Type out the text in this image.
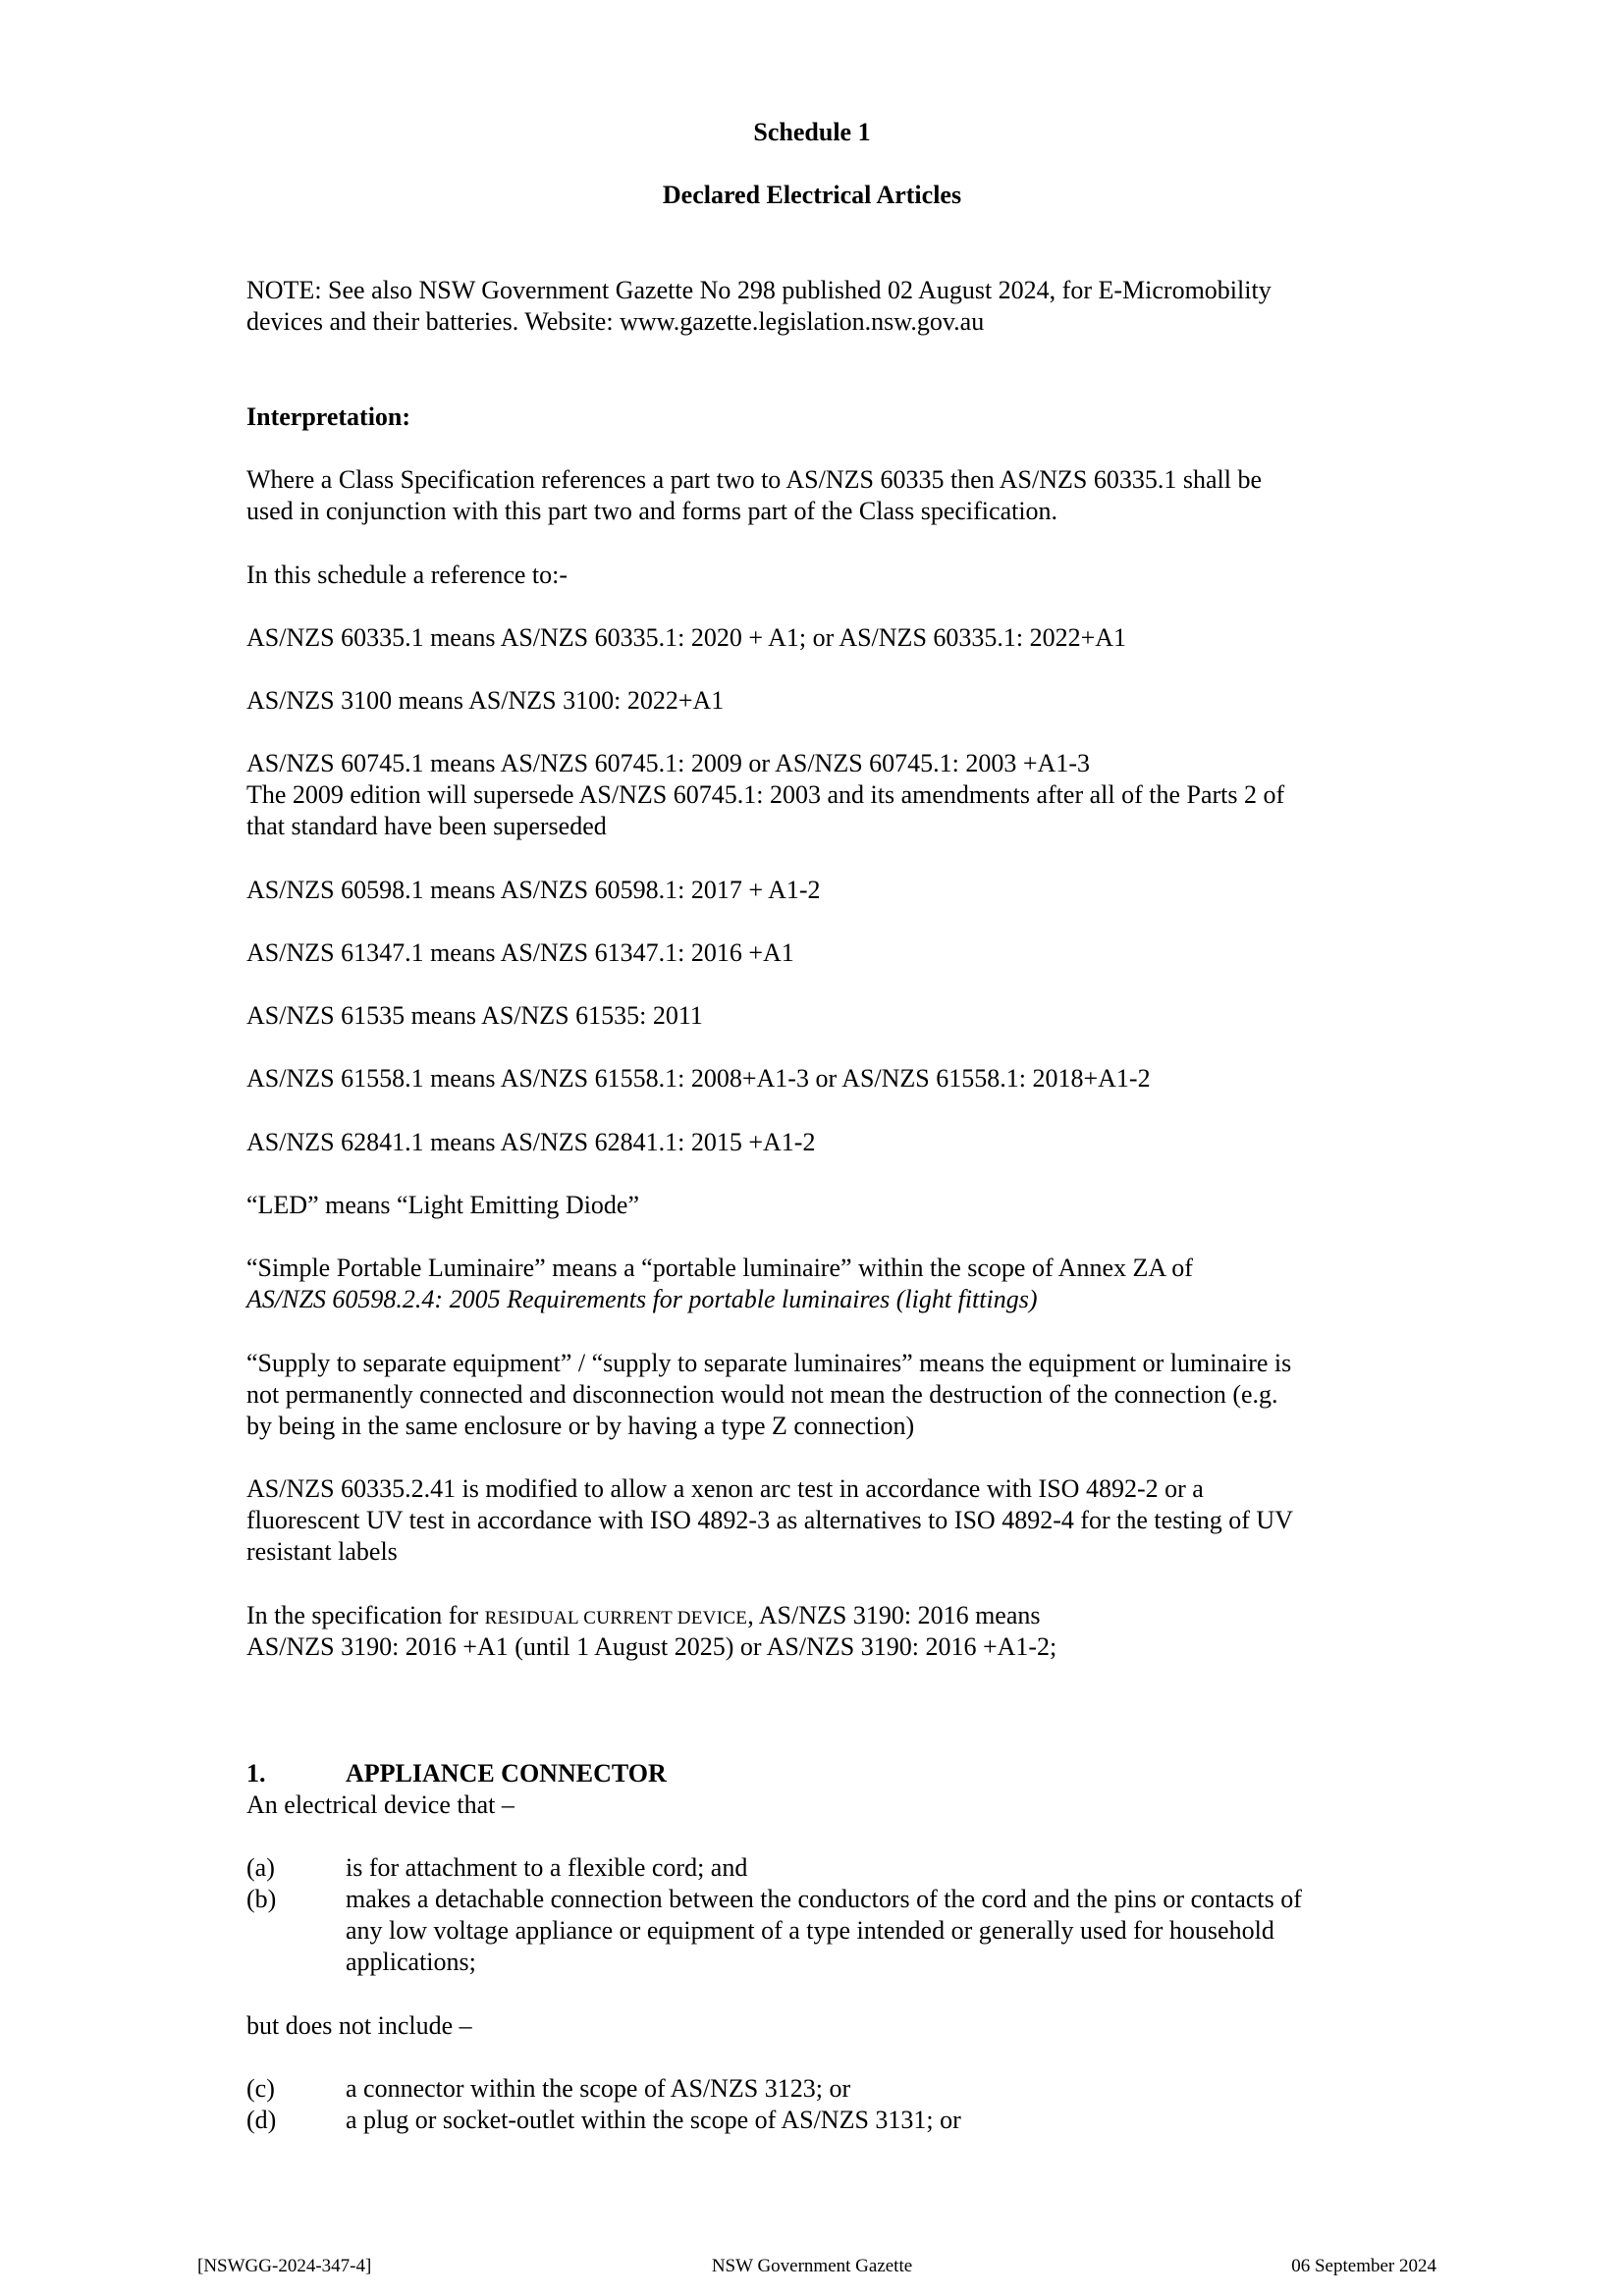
Schedule 1
Declared Electrical Articles
NOTE: See also NSW Government Gazette No 298 published 02 August 2024, for E-Micromobility
devices and their batteries. Website: www.gazette.legislation.nsw.gov.au
Interpretation:
Where a Class Specification references a part two to AS/NZS 60335 then AS/NZS 60335.1 shall be
used in conjunction with this part two and forms part of the Class specification.
In this schedule a reference to:-
AS/NZS 60335.1 means AS/NZS 60335.1: 2020 + A1; or AS/NZS 60335.1: 2022+A1
AS/NZS 3100 means AS/NZS 3100: 2022+A1
AS/NZS 60745.1 means AS/NZS 60745.1: 2009 or AS/NZS 60745.1: 2003 +A1-3
The 2009 edition will supersede AS/NZS 60745.1: 2003 and its amendments after all of the Parts 2 of
that standard have been superseded
AS/NZS 60598.1 means AS/NZS 60598.1: 2017 + A1-2
AS/NZS 61347.1 means AS/NZS 61347.1: 2016 +A1
AS/NZS 61535 means AS/NZS 61535: 2011
AS/NZS 61558.1 means AS/NZS 61558.1: 2008+A1-3 or AS/NZS 61558.1: 2018+A1-2
AS/NZS 62841.1 means AS/NZS 62841.1: 2015 +A1-2
“LED” means “Light Emitting Diode”
“Simple Portable Luminaire” means a “portable luminaire” within the scope of Annex ZA of
AS/NZS 60598.2.4: 2005 Requirements for portable luminaires (light fittings)
“Supply to separate equipment” / “supply to separate luminaires” means the equipment or luminaire is
not permanently connected and disconnection would not mean the destruction of the connection (e.g.
by being in the same enclosure or by having a type Z connection)
AS/NZS 60335.2.41 is modified to allow a xenon arc test in accordance with ISO 4892-2 or a
fluorescent UV test in accordance with ISO 4892-3 as alternatives to ISO 4892-4 for the testing of UV
resistant labels
In the specification for RESIDUAL CURRENT DEVICE, AS/NZS 3190: 2016 means
AS/NZS 3190: 2016 +A1 (until 1 August 2025) or AS/NZS 3190: 2016 +A1-2;
1.	APPLIANCE CONNECTOR
An electrical device that –
(a)	is for attachment to a flexible cord; and
(b)	makes a detachable connection between the conductors of the cord and the pins or contacts of
any low voltage appliance or equipment of a type intended or generally used for household
applications;
but does not include –
(c)	a connector within the scope of AS/NZS 3123; or
(d)	a plug or socket-outlet within the scope of AS/NZS 3131; or
[NSWGG-2024-347-4]	NSW Government Gazette	06 September 2024
